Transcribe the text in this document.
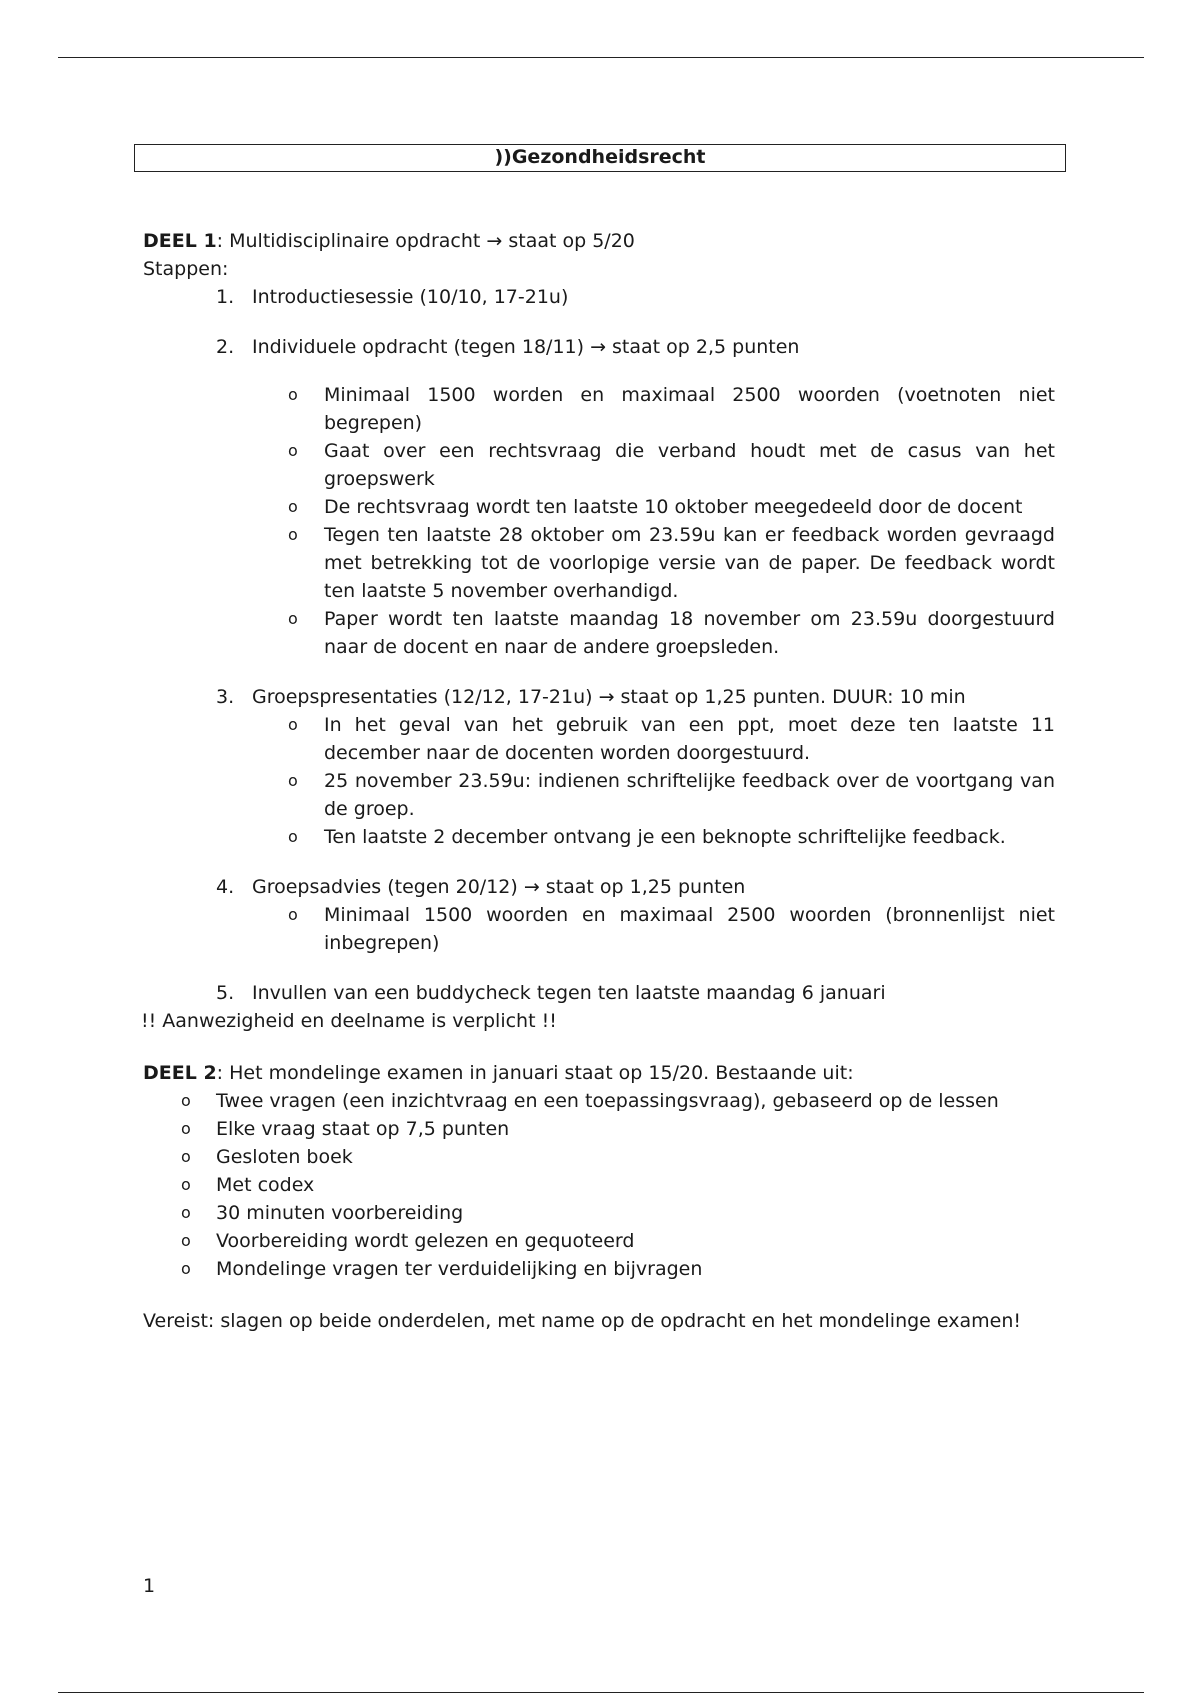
))Gezondheidsrecht
DEEL 1: Multidisciplinaire opdracht → staat op 5/20
Stappen:
1. Introductiesessie (10/10, 17-21u)
2. Individuele opdracht (tegen 18/11) → staat op 2,5 punten
o Minimaal 1500 worden en maximaal 2500 woorden (voetnoten niet begrepen)
o Gaat over een rechtsvraag die verband houdt met de casus van het groepswerk
o De rechtsvraag wordt ten laatste 10 oktober meegedeeld door de docent
o Tegen ten laatste 28 oktober om 23.59u kan er feedback worden gevraagd met betrekking tot de voorlopige versie van de paper. De feedback wordt ten laatste 5 november overhandigd.
o Paper wordt ten laatste maandag 18 november om 23.59u doorgestuurd naar de docent en naar de andere groepsleden.
3. Groepspresentaties (12/12, 17-21u) → staat op 1,25 punten. DUUR: 10 min
o In het geval van het gebruik van een ppt, moet deze ten laatste 11 december naar de docenten worden doorgestuurd.
o 25 november 23.59u: indienen schriftelijke feedback over de voortgang van de groep.
o Ten laatste 2 december ontvang je een beknopte schriftelijke feedback.
4. Groepsadvies (tegen 20/12) → staat op 1,25 punten
o Minimaal 1500 woorden en maximaal 2500 woorden (bronnenlijst niet inbegrepen)
5. Invullen van een buddycheck tegen ten laatste maandag 6 januari
!! Aanwezigheid en deelname is verplicht !!
DEEL 2: Het mondelinge examen in januari staat op 15/20. Bestaande uit:
o Twee vragen (een inzichtvraag en een toepassingsvraag), gebaseerd op de lessen
o Elke vraag staat op 7,5 punten
o Gesloten boek
o Met codex
o 30 minuten voorbereiding
o Voorbereiding wordt gelezen en gequoteerd
o Mondelinge vragen ter verduidelijking en bijvragen
Vereist: slagen op beide onderdelen, met name op de opdracht en het mondelinge examen!
1
